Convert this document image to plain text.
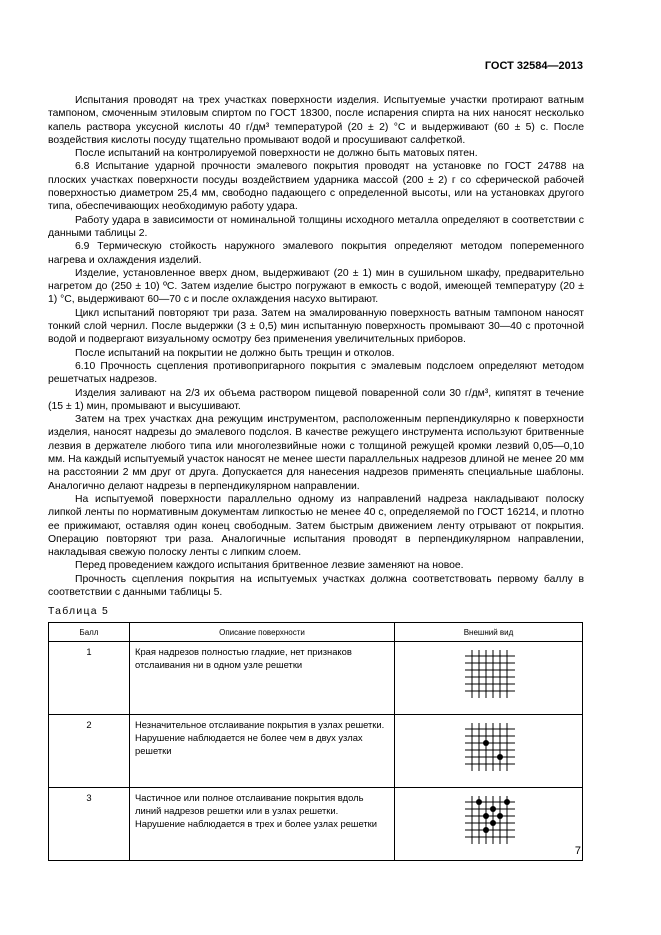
ГОСТ 32584—2013

Испытания проводят на трех участках поверхности изделия. Испытуемые участки протирают ватным тампоном, смоченным этиловым спиртом по ГОСТ 18300, после испарения спирта на них наносят несколько капель раствора уксусной кислоты 40 г/дм³ температурой (20 ± 2) °С и выдерживают (60 ± 5) с. После воздействия кислоты посуду тщательно промывают водой и просушивают салфеткой.

После испытаний на контролируемой поверхности не должно быть матовых пятен.

6.8 Испытание ударной прочности эмалевого покрытия проводят на установке по ГОСТ 24788 на плоских участках поверхности посуды воздействием ударника массой (200 ± 2) г со сферической рабочей поверхностью диаметром 25,4 мм, свободно падающего с определенной высоты, или на установках другого типа, обеспечивающих необходимую работу удара.

Работу удара в зависимости от номинальной толщины исходного металла определяют в соответствии с данными таблицы 2.

6.9 Термическую стойкость наружного эмалевого покрытия определяют методом попеременного нагрева и охлаждения изделий.

Изделие, установленное вверх дном, выдерживают (20 ± 1) мин в сушильном шкафу, предварительно нагретом до (250 ± 10) ºС. Затем изделие быстро погружают в емкость с водой, имеющей температуру (20 ± 1) °С, выдерживают 60—70 с и после охлаждения насухо вытирают.

Цикл испытаний повторяют три раза. Затем на эмалированную поверхность ватным тампоном наносят тонкий слой чернил. После выдержки (3 ± 0,5) мин испытанную поверхность промывают 30—40 с проточной водой и подвергают визуальному осмотру без применения увеличительных приборов.

После испытаний на покрытии не должно быть трещин и отколов.

6.10 Прочность сцепления противопригарного покрытия с эмалевым подслоем определяют методом решетчатых надрезов.

Изделия заливают на 2/3 их объема раствором пищевой поваренной соли 30 г/дм³, кипятят в течение (15 ± 1) мин, промывают и высушивают.

Затем на трех участках дна режущим инструментом, расположенным перпендикулярно к поверхности изделия, наносят надрезы до эмалевого подслоя. В качестве режущего инструмента используют бритвенные лезвия в держателе любого типа или многолезвийные ножи с толщиной режущей кромки лезвий 0,05—0,10 мм. На каждый испытуемый участок наносят не менее шести параллельных надрезов длиной не менее 20 мм на расстоянии 2 мм друг от друга. Допускается для нанесения надрезов применять специальные шаблоны. Аналогично делают надрезы в перпендикулярном направлении.

На испытуемой поверхности параллельно одному из направлений надреза накладывают полоску липкой ленты по нормативным документам липкостью не менее 40 с, определяемой по ГОСТ 16214, и плотно ее прижимают, оставляя один конец свободным. Затем быстрым движением ленту отрывают от покрытия. Операцию повторяют три раза. Аналогичные испытания проводят в перпендикулярном направлении, накладывая свежую полоску ленты с липким слоем.

Перед проведением каждого испытания бритвенное лезвие заменяют на новое.

Прочность сцепления покрытия на испытуемых участках должна соответствовать первому баллу в соответствии с данными таблицы 5.

Таблица 5
Балл	Описание поверхности	Внешний вид
1	Края надрезов полностью гладкие, нет признаков отслаивания ни в одном узле решетки	
2	Незначительное отслаивание покрытия в узлах решетки. Нарушение наблюдается не более чем в двух узлах решетки	
3	Частичное или полное отслаивание покрытия вдоль линий надрезов решетки или в узлах решетки. Нарушение наблюдается в трех и более узлах решетки	
7
